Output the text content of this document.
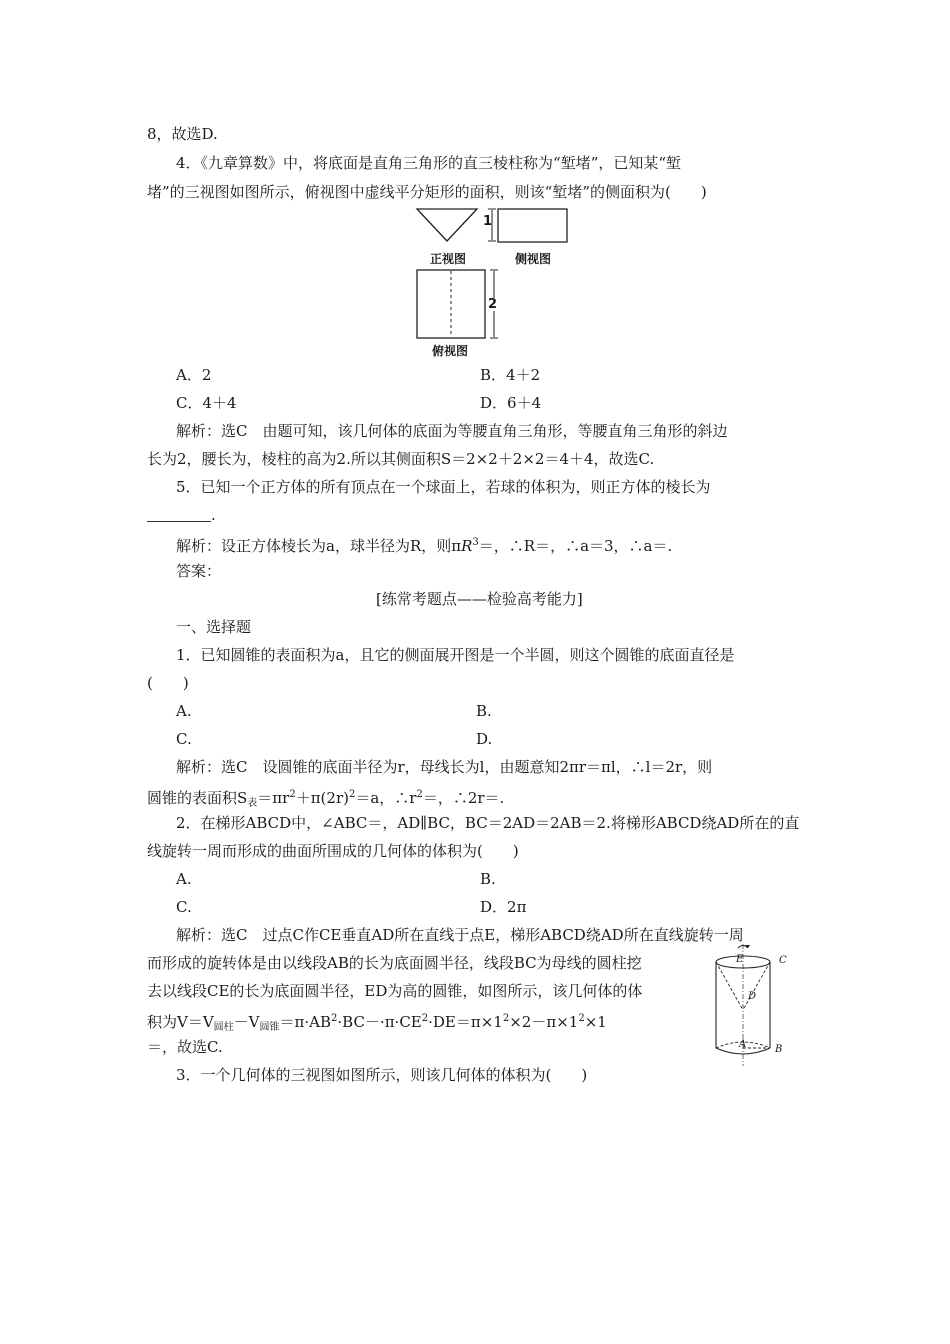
8，故选D.
4．《九章算数》中，将底面是直角三角形的直三棱柱称为“堑堵”，已知某“堑
堵”的三视图如图所示，俯视图中虚线平分矩形的面积，则该“堑堵”的侧面积为(　　)
1
正视图	侧视图
2
俯视图
A．2	B．4＋2
C．4＋4	D．6＋4
解析：选C　由题可知，该几何体的底面为等腰直角三角形，等腰直角三角形的斜边
长为2，腰长为，棱柱的高为2.所以其侧面积S＝2×2＋2×2＝4＋4，故选C.
5．已知一个正方体的所有顶点在一个球面上，若球的体积为，则正方体的棱长为
.
解析：设正方体棱长为a，球半径为R，则$\pi R^3=$，∴R＝，∴a＝3，∴a＝.
答案：
[练常考题点——检验高考能力]
一、选择题
1．已知圆锥的表面积为a，且它的侧面展开图是一个半圆，则这个圆锥的底面直径是
(　　)
A.	B.
C.	D.
解析：选C　设圆锥的底面半径为r，母线长为l，由题意知2πr＝πl，∴l＝2r，则
圆锥的表面积$S_表=\pi r^2+\pi(2r)^2=a$，$\therefore r^2=$，∴2r＝.
2．在梯形ABCD中，∠ABC＝，AD∥BC，BC＝2AD＝2AB＝2.将梯形ABCD绕AD所在的直
线旋转一周而形成的曲面所围成的几何体的体积为(　　)
A.	B.
C.	D．2π
解析：选C　过点C作CE垂直AD所在直线于点E，梯形ABCD绕AD所在直线旋转一周
而形成的旋转体是由以线段AB的长为底面圆半径，线段BC为母线的圆柱挖
去以线段CE的长为底面圆半径，ED为高的圆锥，如图所示，该几何体的体
积为$V=V_{圆柱}-V_{圆锥}=\pi\cdot AB^2\cdot BC-\cdot\pi\cdot CE^2\cdot DE=\pi\times 1^2\times 2-\pi\times 1^2\times 1$
＝，故选C.
E	C
D
A	B
3．一个几何体的三视图如图所示，则该几何体的体积为(　　)
